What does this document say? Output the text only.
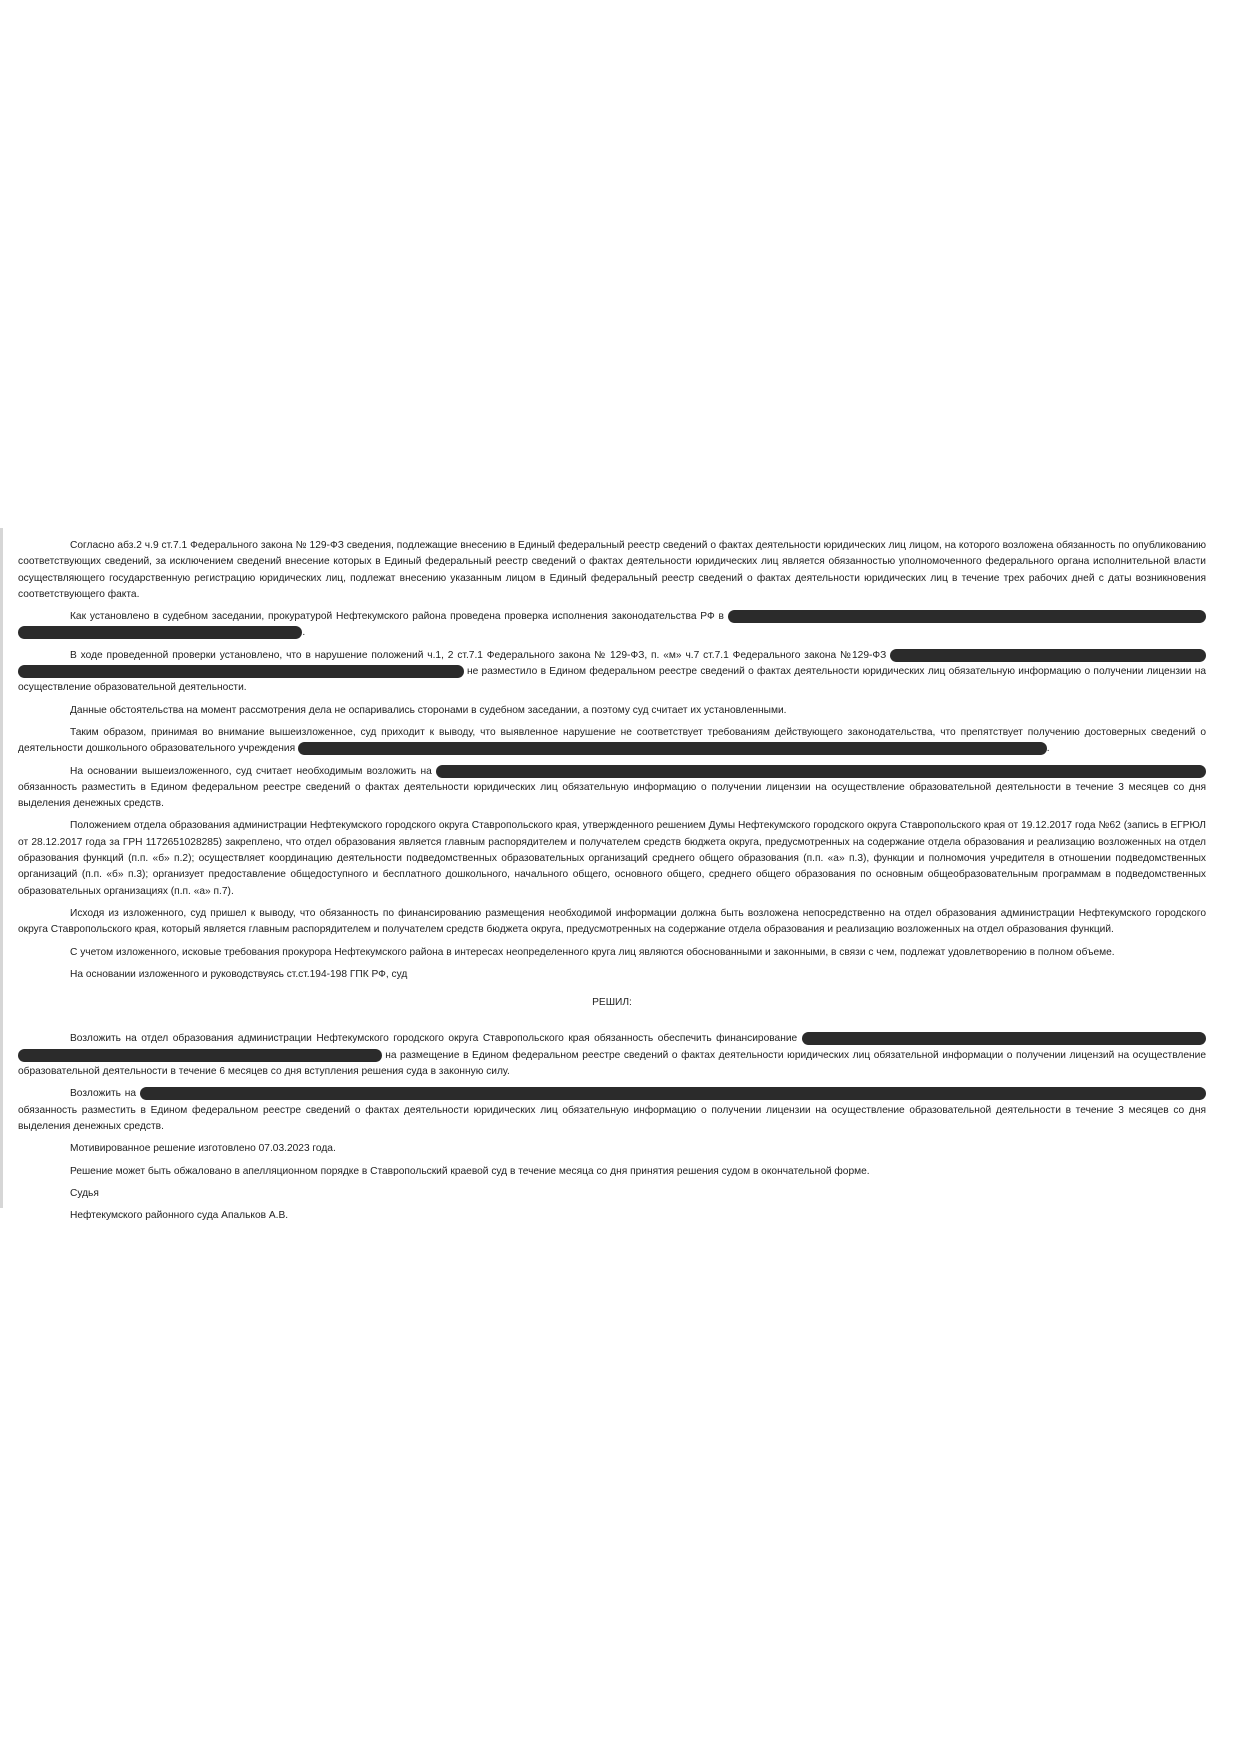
Согласно абз.2 ч.9 ст.7.1 Федерального закона № 129-ФЗ сведения, подлежащие внесению в Единый федеральный реестр сведений о фактах деятельности юридических лиц лицом, на которого возложена обязанность по опубликованию соответствующих сведений, за исключением сведений внесение которых в Единый федеральный реестр сведений о фактах деятельности юридических лиц является обязанностью уполномоченного федерального органа исполнительной власти осуществляющего государственную регистрацию юридических лиц, подлежат внесению указанным лицом в Единый федеральный реестр сведений о фактах деятельности юридических лиц в течение трех рабочих дней с даты возникновения соответствующего факта.

Как установлено в судебном заседании, прокуратурой Нефтекумского района проведена проверка исполнения законодательства РФ в .

В ходе проведенной проверки установлено, что в нарушение положений ч.1, 2 ст.7.1 Федерального закона № 129-ФЗ, п. «м» ч.7 ст.7.1 Федерального закона №129-ФЗ не разместило в Едином федеральном реестре сведений о фактах деятельности юридических лиц обязательную информацию о получении лицензии на осуществление образовательной деятельности.

Данные обстоятельства на момент рассмотрения дела не оспаривались сторонами в судебном заседании, а поэтому суд считает их установленными.

Таким образом, принимая во внимание вышеизложенное, суд приходит к выводу, что выявленное нарушение не соответствует требованиям действующего законодательства, что препятствует получению достоверных сведений о деятельности дошкольного образовательного учреждения	.

На основании вышеизложенного, суд считает необходимым возложить на обязанность разместить в Едином федеральном реестре сведений о фактах деятельности юридических лиц обязательную информацию о получении лицензии на осуществление образовательной деятельности в течение 3 месяцев со дня выделения денежных средств.

Положением отдела образования администрации Нефтекумского городского округа Ставропольского края, утвержденного решением Думы Нефтекумского городского округа Ставропольского края от 19.12.2017 года №62 (запись в ЕГРЮЛ от 28.12.2017 года за ГРН 1172651028285) закреплено, что отдел образования является главным распорядителем и получателем средств бюджета округа, предусмотренных на содержание отдела образования и реализацию возложенных на отдел образования функций (п.п. «б» п.2); осуществляет координацию деятельности подведомственных образовательных организаций среднего общего образования (п.п. «а» п.3), функции и полномочия учредителя в отношении подведомственных организаций (п.п. «б» п.3); организует предоставление общедоступного и бесплатного дошкольного, начального общего, основного общего, среднего общего образования по основным общеобразовательным программам в подведомственных образовательных организациях (п.п. «а» п.7).

Исходя из изложенного, суд пришел к выводу, что обязанность по финансированию размещения необходимой информации должна быть возложена непосредственно на отдел образования администрации Нефтекумского городского округа Ставропольского края, который является главным распорядителем и получателем средств бюджета округа, предусмотренных на содержание отдела образования и реализацию возложенных на отдел образования функций.

С учетом изложенного, исковые требования прокурора Нефтекумского района в интересах неопределенного круга лиц являются обоснованными и законными, в связи с чем, подлежат удовлетворению в полном объеме.

На основании изложенного и руководствуясь ст.ст.194-198 ГПК РФ, суд

РЕШИЛ:

Возложить на отдел образования администрации Нефтекумского городского округа Ставропольского края обязанность обеспечить финансирование на размещение в Едином федеральном реестре сведений о фактах деятельности юридических лиц обязательной информации о получении лицензий на осуществление образовательной деятельности в течение 6 месяцев со дня вступления решения суда в законную силу.

Возложить на обязанность разместить в Едином федеральном реестре сведений о фактах деятельности юридических лиц обязательную информацию о получении лицензии на осуществление образовательной деятельности в течение 3 месяцев со дня выделения денежных средств.

Мотивированное решение изготовлено 07.03.2023 года.

Решение может быть обжаловано в апелляционном порядке в Ставропольский краевой суд в течение месяца со дня принятия решения судом в окончательной форме.

Судья

Нефтекумского районного суда Апальков А.В.
